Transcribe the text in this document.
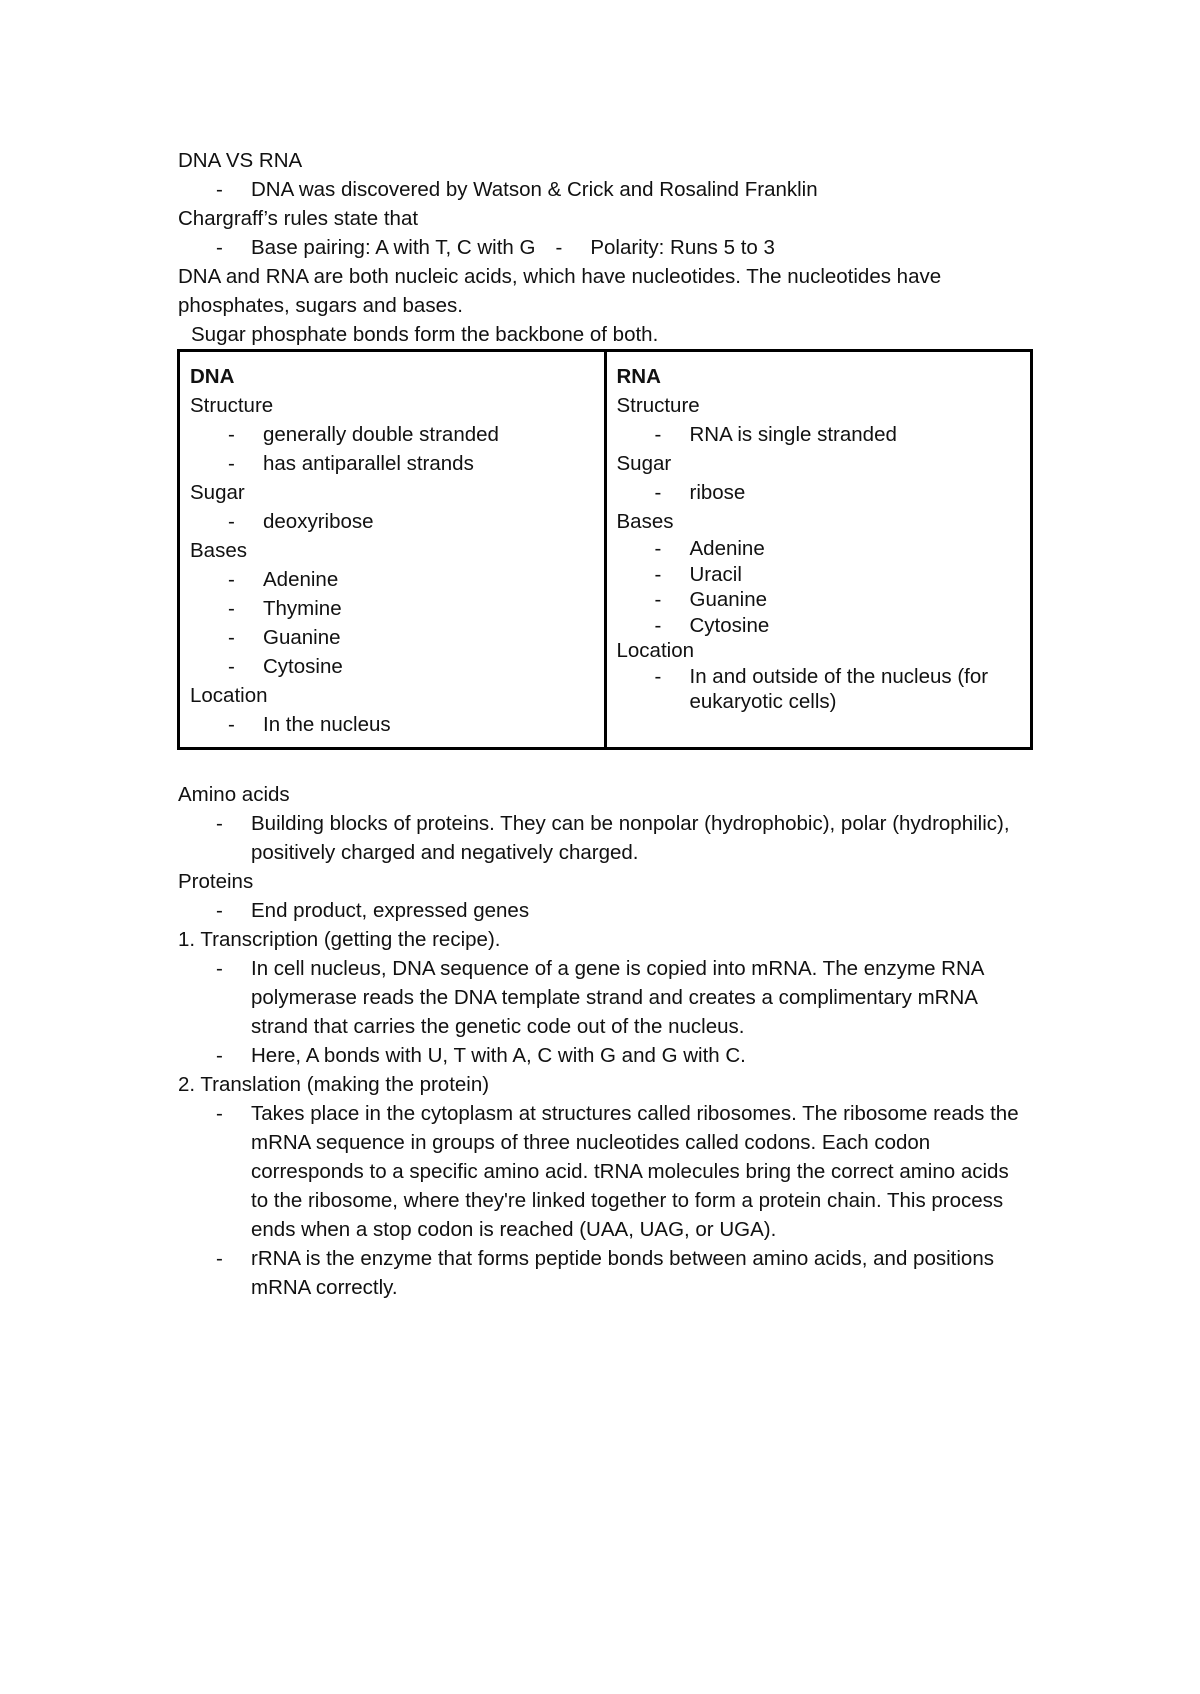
DNA VS RNA

- DNA was discovered by Watson & Crick and Rosalind Franklin

Chargraff’s rules state that

- Base pairing: A with T, C with G - Polarity: Runs 5 to 3

DNA and RNA are both nucleic acids, which have nucleotides. The nucleotides have

phosphates, sugars and bases.

Sugar phosphate bonds form the backbone of both.

DNA
Structure
- generally double stranded
- has antiparallel strands
Sugar
- deoxyribose
Bases
- Adenine
- Thymine
- Guanine
- Cytosine
Location
- In the nucleus

RNA
Structure
- RNA is single stranded
Sugar
- ribose
Bases
- Adenine
- Uracil
- Guanine
- Cytosine
Location
- In and outside of the nucleus (for eukaryotic cells)

Amino acids

- Building blocks of proteins. They can be nonpolar (hydrophobic), polar (hydrophilic), positively charged and negatively charged.

Proteins

- End product, expressed genes

1. Transcription (getting the recipe).

- In cell nucleus, DNA sequence of a gene is copied into mRNA. The enzyme RNA polymerase reads the DNA template strand and creates a complimentary mRNA strand that carries the genetic code out of the nucleus.

- Here, A bonds with U, T with A, C with G and G with C.

2. Translation (making the protein)

- Takes place in the cytoplasm at structures called ribosomes. The ribosome reads the mRNA sequence in groups of three nucleotides called codons. Each codon corresponds to a specific amino acid. tRNA molecules bring the correct amino acids to the ribosome, where they're linked together to form a protein chain. This process ends when a stop codon is reached (UAA, UAG, or UGA).

- rRNA is the enzyme that forms peptide bonds between amino acids, and positions mRNA correctly.
